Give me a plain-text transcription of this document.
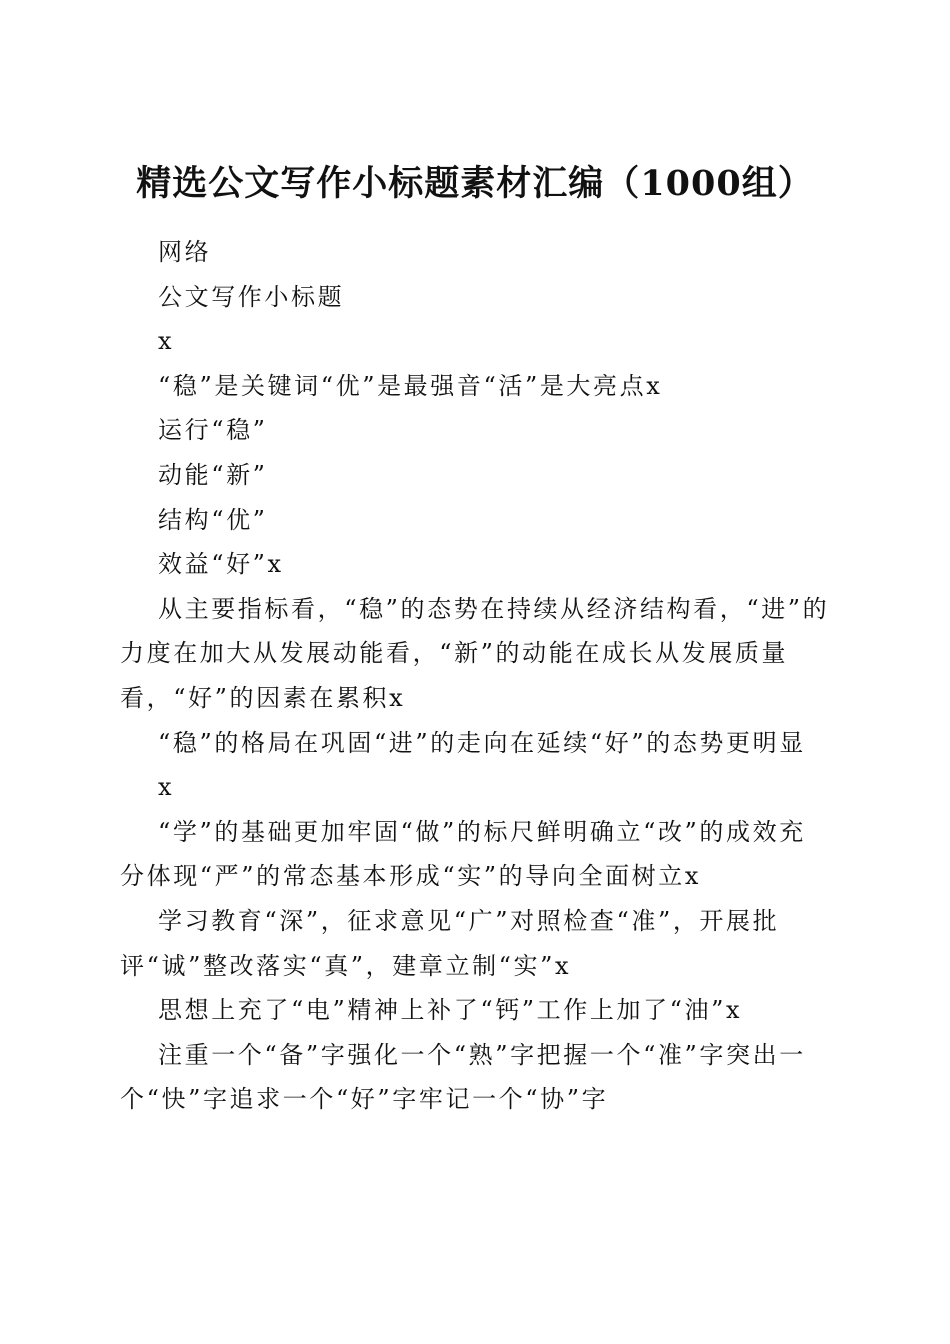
精选公文写作小标题素材汇编（1000组）

网络

公文写作小标题

x

“稳”是关键词“优”是最强音“活”是大亮点x

运行“稳”

动能“新”

结构“优”

效益“好”x

从主要指标看，“稳”的态势在持续从经济结构看，“进”的力度在加大从发展动能看，“新”的动能在成长从发展质量看，“好”的因素在累积x

“稳”的格局在巩固“进”的走向在延续“好”的态势更明显

x

“学”的基础更加牢固“做”的标尺鲜明确立“改”的成效充分体现“严”的常态基本形成“实”的导向全面树立x

学习教育“深”，征求意见“广”对照检查“准”，开展批评“诚”整改落实“真”，建章立制“实”x

思想上充了“电”精神上补了“钙”工作上加了“油”x

注重一个“备”字强化一个“熟”字把握一个“准”字突出一个“快”字追求一个“好”字牢记一个“协”字
